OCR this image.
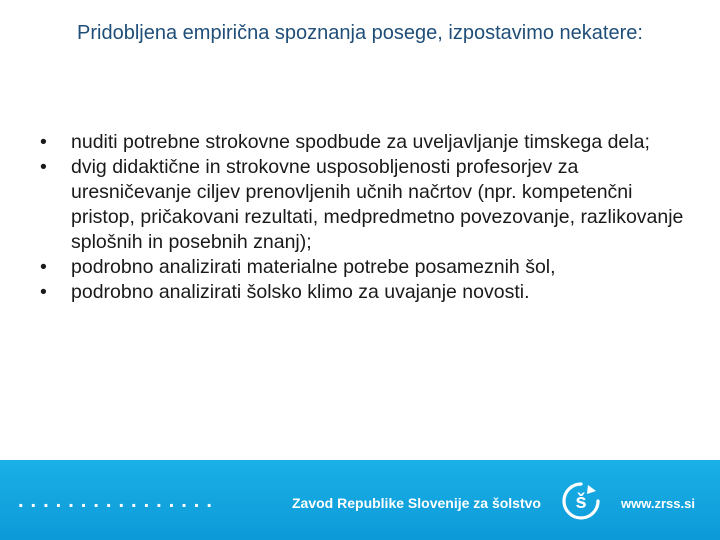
Pridobljena empirična spoznanja posege, izpostavimo nekatere:
•	nuditi potrebne strokovne spodbude za uveljavljanje timskega dela;
•	dvig didaktične in strokovne usposobljenosti profesorjev za uresničevanje ciljev prenovljenih učnih načrtov (npr. kompetenčni pristop, pričakovani rezultati, medpredmetno povezovanje, razlikovanje splošnih in posebnih znanj);
•	podrobno analizirati materialne potrebe posameznih šol,
•	podrobno analizirati šolsko klimo za uvajanje novosti.
................	Zavod Republike Slovenije za šolstvo š	www.zrss.si
